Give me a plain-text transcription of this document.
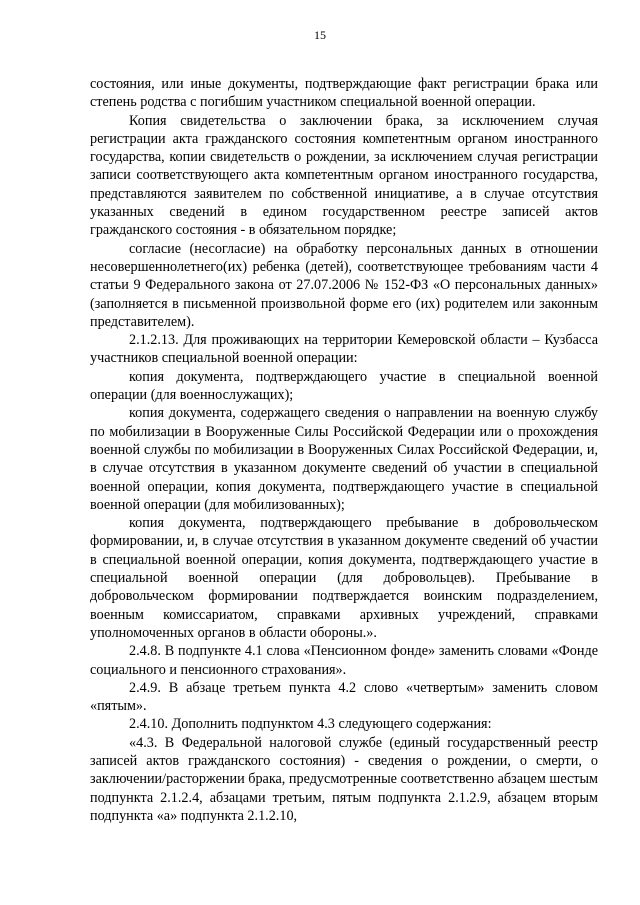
15

состояния, или иные документы, подтверждающие факт регистрации брака или степень родства с погибшим участником специальной военной операции.

Копия свидетельства о заключении брака, за исключением случая регистрации акта гражданского состояния компетентным органом иностранного государства, копии свидетельств о рождении, за исключением случая регистрации записи соответствующего акта компетентным органом иностранного государства, представляются заявителем по собственной инициативе, а в случае отсутствия указанных сведений в едином государственном реестре записей актов гражданского состояния - в обязательном порядке;

согласие (несогласие) на обработку персональных данных в отношении несовершеннолетнего(их) ребенка (детей), соответствующее требованиям части 4 статьи 9 Федерального закона от 27.07.2006 № 152-ФЗ «О персональных данных» (заполняется в письменной произвольной форме его (их) родителем или законным представителем).

2.1.2.13. Для проживающих на территории Кемеровской области – Кузбасса участников специальной военной операции:

копия документа, подтверждающего участие в специальной военной операции (для военнослужащих);

копия документа, содержащего сведения о направлении на военную службу по мобилизации в Вооруженные Силы Российской Федерации или о прохождения военной службы по мобилизации в Вооруженных Силах Российской Федерации, и, в случае отсутствия в указанном документе сведений об участии в специальной военной операции, копия документа, подтверждающего участие в специальной военной операции (для мобилизованных);

копия документа, подтверждающего пребывание в добровольческом формировании, и, в случае отсутствия в указанном документе сведений об участии в специальной военной операции, копия документа, подтверждающего участие в специальной военной операции (для добровольцев). Пребывание в добровольческом формировании подтверждается воинским подразделением, военным комиссариатом, справками архивных учреждений, справками уполномоченных органов в области обороны.».

2.4.8. В подпункте 4.1 слова «Пенсионном фонде» заменить словами «Фонде социального и пенсионного страхования».

2.4.9. В абзаце третьем пункта 4.2 слово «четвертым» заменить словом «пятым».

2.4.10. Дополнить подпунктом 4.3 следующего содержания:

«4.3. В Федеральной налоговой службе (единый государственный реестр записей актов гражданского состояния) - сведения о рождении, о смерти, о заключении/расторжении брака, предусмотренные соответственно абзацем шестым подпункта 2.1.2.4, абзацами третьим, пятым подпункта 2.1.2.9, абзацем вторым подпункта «а» подпункта 2.1.2.10,
